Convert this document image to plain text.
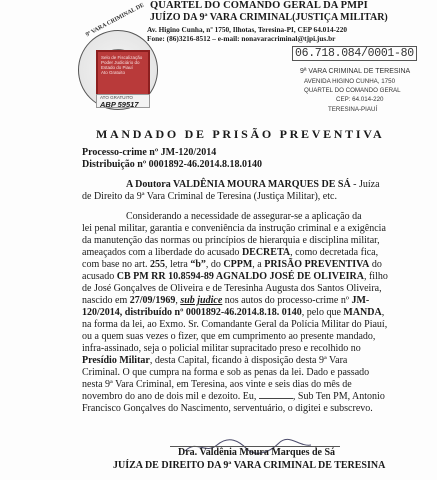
QUARTEL DO COMANDO GERAL DA PMPI
JUÍZO DA 9ª VARA CRIMINAL(JUSTIÇA MILITAR)
Av. Higino Cunha, nº 1750, Ilhotas, Teresina-PI, CEP 64.014-220
Fone: (86)3216-8512 – e-mail: nonavaracriminal@tjpi.jus.br
9ª VARA CRIMINAL DE
Selo de Fiscalização
Poder Judiciário do
Estado do Piauí
Ato Gratuito
ATO GRATUITO
ABP 59517
06.718.084/0001-80
9ª VARA CRIMINAL DE TERESINA
AVENIDA HIGINO CUNHA, 1750
QUARTEL DO COMANDO GERAL
CEP: 64.014-220
TERESINA-PIAUÍ
MANDADO DE PRISÃO PREVENTIVA
Processo-crime nº JM-120/2014
Distribuição nº 0001892-46.2014.8.18.0140
A Doutora VALDÊNIA MOURA MARQUES DE SÁ - Juíza
de Direito da 9ª Vara Criminal de Teresina (Justiça Militar), etc.
Considerando a necessidade de assegurar-se a aplicação da
lei penal militar, garantia e conveniência da instrução criminal e a exigência
da manutenção das normas ou princípios de hierarquia e disciplina militar,
ameaçados com a liberdade do acusado DECRETA, como decretada fica,
com base no art. 255, letra “b”, do CPPM, a PRISÃO PREVENTIVA do
acusado CB PM RR 10.8594-89 AGNALDO JOSÉ DE OLIVEIRA, filho
de José Gonçalves de Oliveira e de Teresinha Augusta dos Santos Oliveira,
nascido em 27/09/1969, sub judice nos autos do processo-crime nº JM-
120/2014, distribuído nº 0001892-46.2014.8.18. 0140, pelo que MANDA,
na forma da lei, ao Exmo. Sr. Comandante Geral da Polícia Militar do Piauí,
ou a quem suas vezes o fizer, que em cumprimento ao presente mandado,
infra-assinado, seja o policial militar supracitado preso e recolhido no
Presídio Militar, desta Capital, ficando à disposição desta 9ª Vara
Criminal. O que cumpra na forma e sob as penas da lei. Dado e passado
nesta 9ª Vara Criminal, em Teresina, aos vinte e seis dias do mês de
novembro do ano de dois mil e dezoito. Eu,	, Sub Ten PM, Antonio
Francisco Gonçalves do Nascimento, serventuário, o digitei e subscrevo.
Dra. Valdênia Moura Marques de Sá
JUÍZA DE DIREITO DA 9ª VARA CRIMINAL DE TERESINA
